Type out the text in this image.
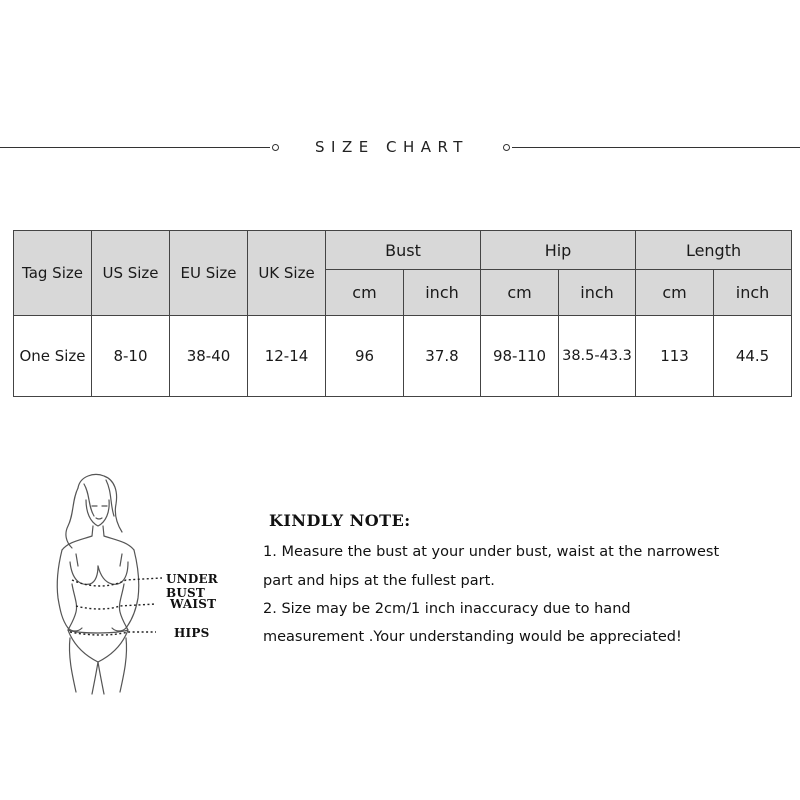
SIZE CHART
Tag Size	US Size	EU Size	UK Size	Bust		Hip		Length	
				cm	inch	cm	inch	cm	inch
One Size	8-10	38-40	12-14	96	37.8	98-110	38.5-43.3	113	44.5
UNDER BUST
WAIST
HIPS
KINDLY NOTE:
1. Measure the bust at your under bust, waist at the narrowest
part and hips at the fullest part.
2. Size may be 2cm/1 inch inaccuracy due to hand
measurement .Your understanding would be appreciated!
